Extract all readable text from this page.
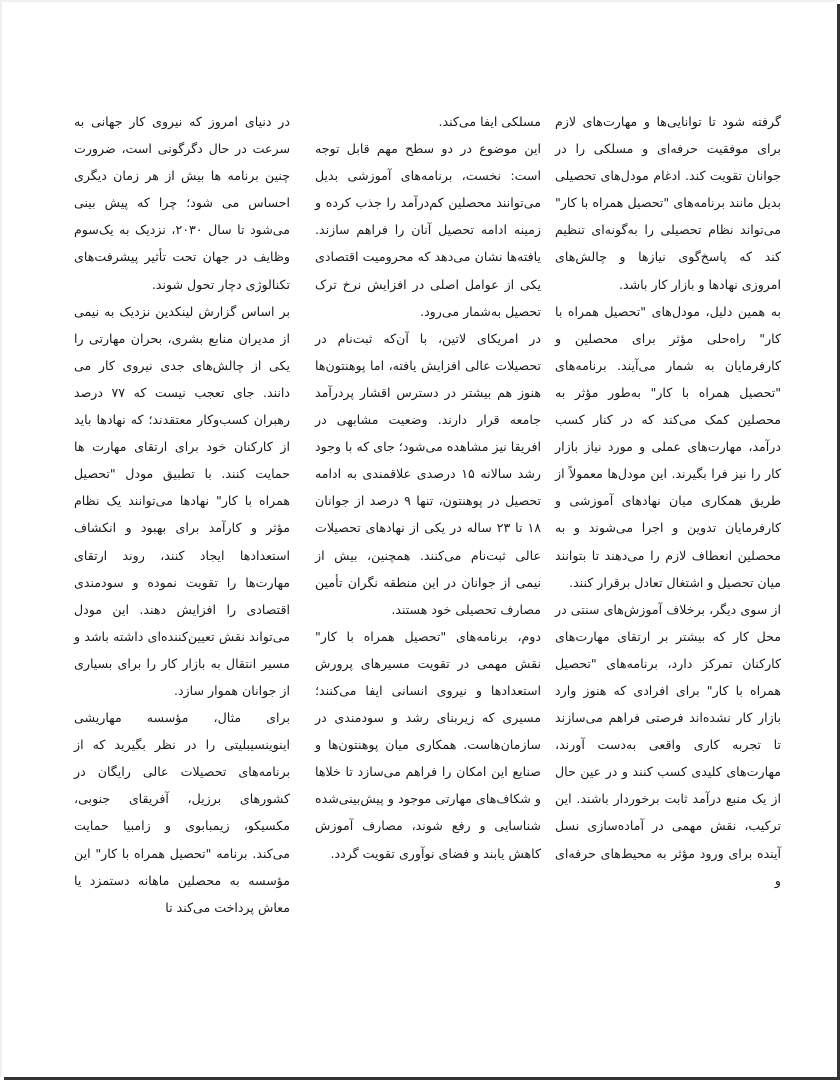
گرفته شود تا توانایی‌ها و مهارت‌های لازم برای موفقیت حرفه‌ای و مسلکی را در جوانان تقویت کند. ادغام مودل‌های تحصیلی بدیل مانند برنامه‌های "تحصیل همراه با کار" می‌تواند نظام تحصیلی را به‌گونه‌ای تنظیم کند که پاسخ‌گوی نیازها و چالش‌های امروزی نهادها و بازار کار باشد.

به همین دلیل، مودل‌های "تحصیل همراه با کار" راه‌حلی مؤثر برای محصلین و کارفرمایان به شمار می‌آیند. برنامه‌های "تحصیل همراه با کار" به‌طور مؤثر به محصلین کمک می‌کند که در کنار کسب درآمد، مهارت‌های عملی و مورد نیاز بازار کار را نیز فرا بگیرند. این مودل‌ها معمولاً از طریق همکاری میان نهادهای آموزشی و کارفرمایان تدوین و اجرا می‌شوند و به محصلین انعطاف لازم را می‌دهند تا بتوانند میان تحصیل و اشتغال تعادل برقرار کنند.

از سوی دیگر، برخلاف آموزش‌های سنتی در محل کار که بیشتر بر ارتقای مهارت‌های کارکنان تمرکز دارد، برنامه‌های "تحصیل همراه با کار" برای افرادی که هنوز وارد بازار کار نشده‌اند فرصتی فراهم می‌سازند تا تجربه کاری واقعی به‌دست آورند، مهارت‌های کلیدی کسب کنند و در عین حال از یک منبع درآمد ثابت برخوردار باشند. این ترکیب، نقش مهمی در آماده‌سازی نسل آینده برای ورود مؤثر به محیط‌های حرفه‌ای و

مسلکی ایفا می‌کند.

این موضوع در دو سطح مهم قابل توجه است: نخست، برنامه‌های آموزشی بدیل می‌توانند محصلین کم‌درآمد را جذب کرده و زمینه ادامه تحصیل آنان را فراهم سازند. یافته‌ها نشان می‌دهد که محرومیت اقتصادی یکی از عوامل اصلی در افزایش نرخ ترک تحصیل به‌شمار می‌رود.

در امریکای لاتین، با آن‌که ثبت‌نام در تحصیلات عالی افزایش یافته، اما پوهنتون‌ها هنوز هم بیشتر در دسترس اقشار پردرآمد جامعه قرار دارند. وضعیت مشابهی در افریقا نیز مشاهده می‌شود؛ جای که با وجود رشد سالانه ۱۵ درصدی علاقمندی به ادامه تحصیل در پوهنتون، تنها ۹ درصد از جوانان ۱۸ تا ۲۳ ساله در یکی از نهادهای تحصیلات عالی ثبت‌نام می‌کنند. همچنین، بیش از نیمی از جوانان در این منطقه نگران تأمین مصارف تحصیلی خود هستند.

دوم، برنامه‌های "تحصیل همراه با کار" نقش مهمی در تقویت مسیرهای پرورش استعدادها و نیروی انسانی ایفا می‌کنند؛ مسیری که زیربنای رشد و سودمندی در سازمان‌هاست. همکاری میان پوهنتون‌ها و صنایع این امکان را فراهم می‌سازد تا خلاها و شکاف‌های مهارتی موجود و پیش‌بینی‌شده شناسایی و رفع شوند، مصارف آموزش کاهش یابند و فضای نوآوری تقویت گردد.

در دنیای امروز که نیروی کار جهانی به سرعت در حال دگرگونی است، ضرورت چنین برنامه ها بیش از هر زمان دیگری احساس می شود؛ چرا که پیش بینی می‌شود تا سال ۲۰۳۰، نزدیک به یک‌سوم وظایف در جهان تحت تأثیر پیشرفت‌های تکنالوژی دچار تحول شوند.

بر اساس گزارش لینکدین نزدیک به نیمی از مدیران منابع بشری، بحران مهارتی را یکی از چالش‌های جدی نیروی کار می دانند. جای تعجب نیست که ۷۷ درصد رهبران کسب‌وکار معتقدند؛ که نهادها باید از کارکنان خود برای ارتقای مهارت ها حمایت کنند. با تطبیق مودل "تحصیل همراه با کار" نهادها می‌توانند یک نظام مؤثر و کارآمد برای بهبود و انکشاف استعدادها ایجاد کنند، روند ارتقای مهارت‌ها را تقویت نموده و سودمندی اقتصادی را افزایش دهند. این مودل می‌تواند نقش تعیین‌کننده‌ای داشته باشد و مسیر انتقال به بازار کار را برای بسیاری از جوانان هموار سازد.

برای مثال، مؤسسه مهاریشی اینوینسیبلیتی را در نظر بگیرید که از برنامه‌های تحصیلات عالی رایگان در کشورهای برزیل، آفریقای جنوبی، مکسیکو، زیمبابوی و زامبیا حمایت می‌کند. برنامه "تحصیل همراه با کار" این مؤسسه به محصلین ماهانه دستمزد یا معاش پرداخت می‌کند تا
